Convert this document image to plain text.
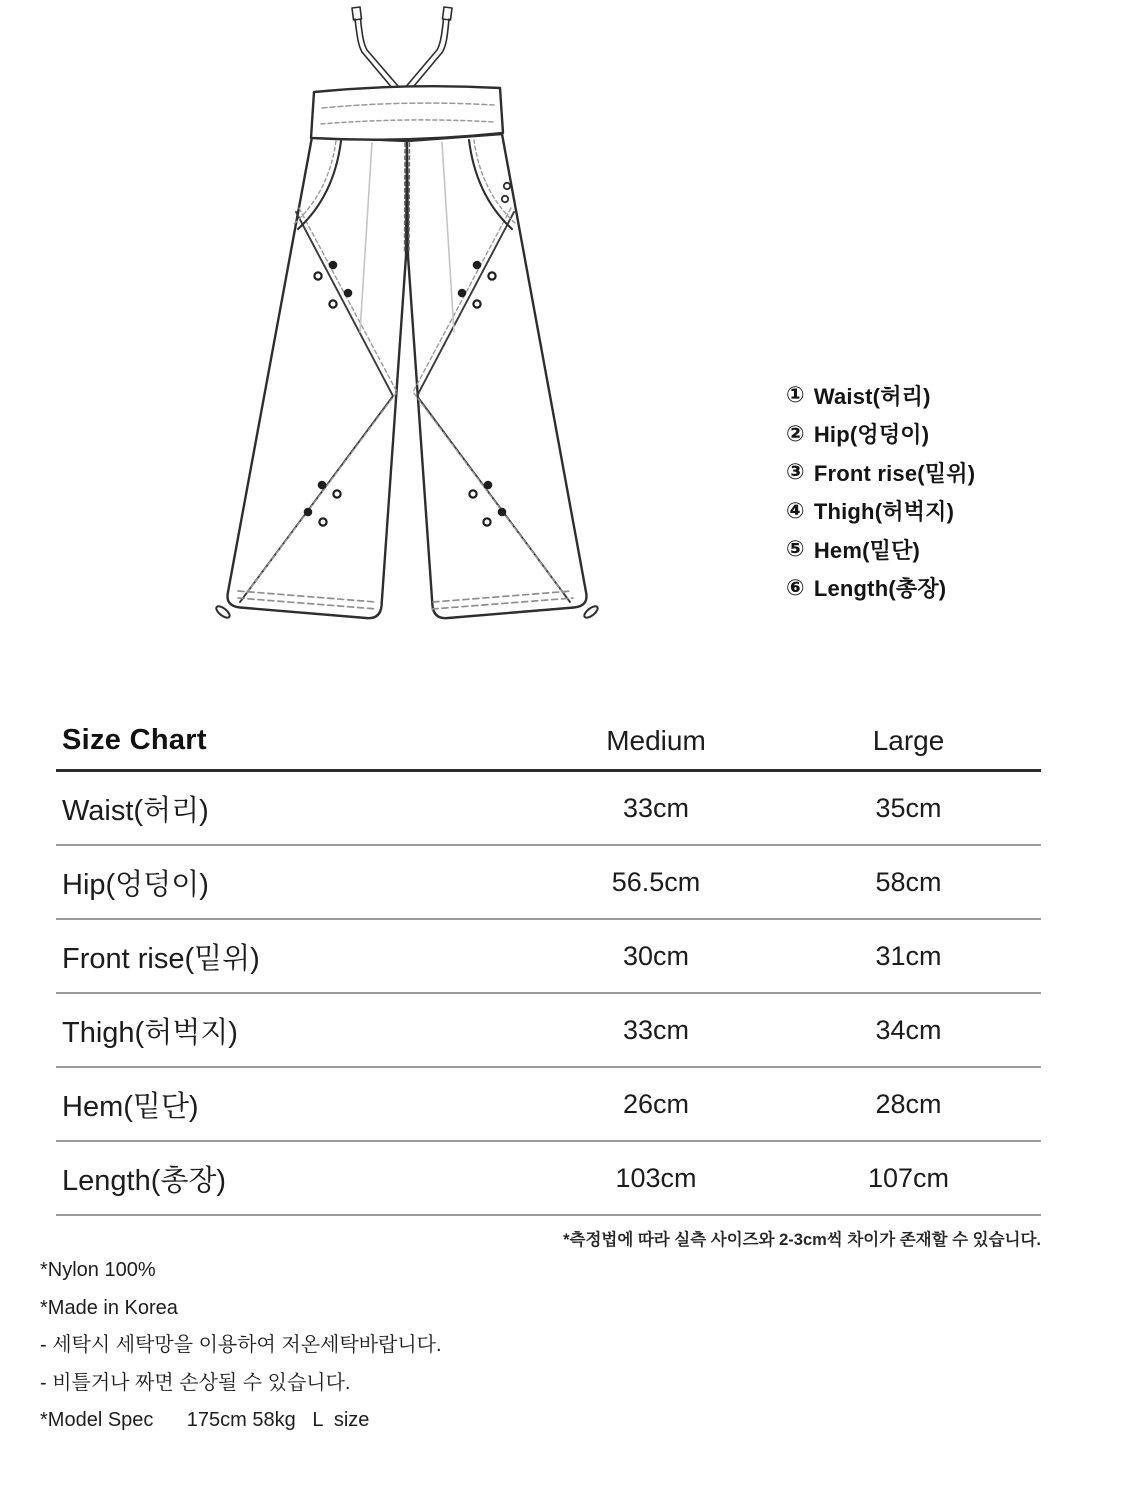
① Waist(허리)
② Hip(엉덩이)
③ Front rise(밑위)
④ Thigh(허벅지)
⑤ Hem(밑단)
⑥ Length(총장)
Size Chart	Medium	Large
Waist(허리)	33cm	35cm
Hip(엉덩이)	56.5cm	58cm
Front rise(밑위)	30cm	31cm
Thigh(허벅지)	33cm	34cm
Hem(밑단)	26cm	28cm
Length(총장)	103cm	107cm
*측정법에 따라 실측 사이즈와 2-3cm씩 차이가 존재할 수 있습니다.
*Nylon 100%
*Made in Korea
- 세탁시 세탁망을 이용하여 저온세탁바랍니다.
- 비틀거나 짜면 손상될 수 있습니다.
*Model Spec      175cm 58kg   L  size
